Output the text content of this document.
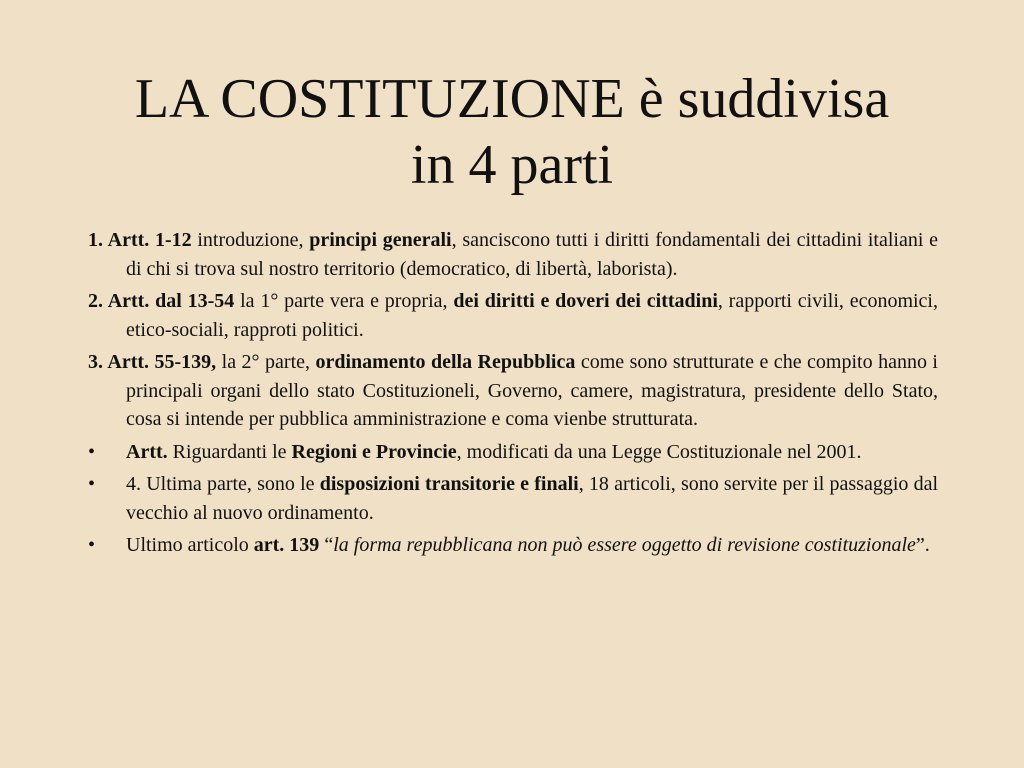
LA COSTITUZIONE è suddivisa
in 4 parti
1. Artt. 1-12 introduzione, principi generali, sanciscono tutti i diritti fondamentali dei cittadini italiani e di chi si trova sul nostro territorio (democratico, di libertà, laborista).
2. Artt. dal 13-54 la 1° parte vera e propria, dei diritti e doveri dei cittadini, rapporti civili, economici, etico-sociali, rapproti politici.
3. Artt. 55-139, la 2° parte, ordinamento della Repubblica come sono strutturate e che compito hanno i principali organi dello stato Costituzioneli, Governo, camere, magistratura, presidente dello Stato, cosa si intende per pubblica amministrazione e coma vienbe strutturata.
•	Artt. Riguardanti le Regioni e Provincie, modificati da una Legge Costituzionale nel 2001.
•	4. Ultima parte, sono le disposizioni transitorie e finali, 18 articoli, sono servite per il passaggio dal vecchio al nuovo ordinamento.
•	Ultimo articolo art. 139 “la forma repubblicana non può essere oggetto di revisione costituzionale”.
